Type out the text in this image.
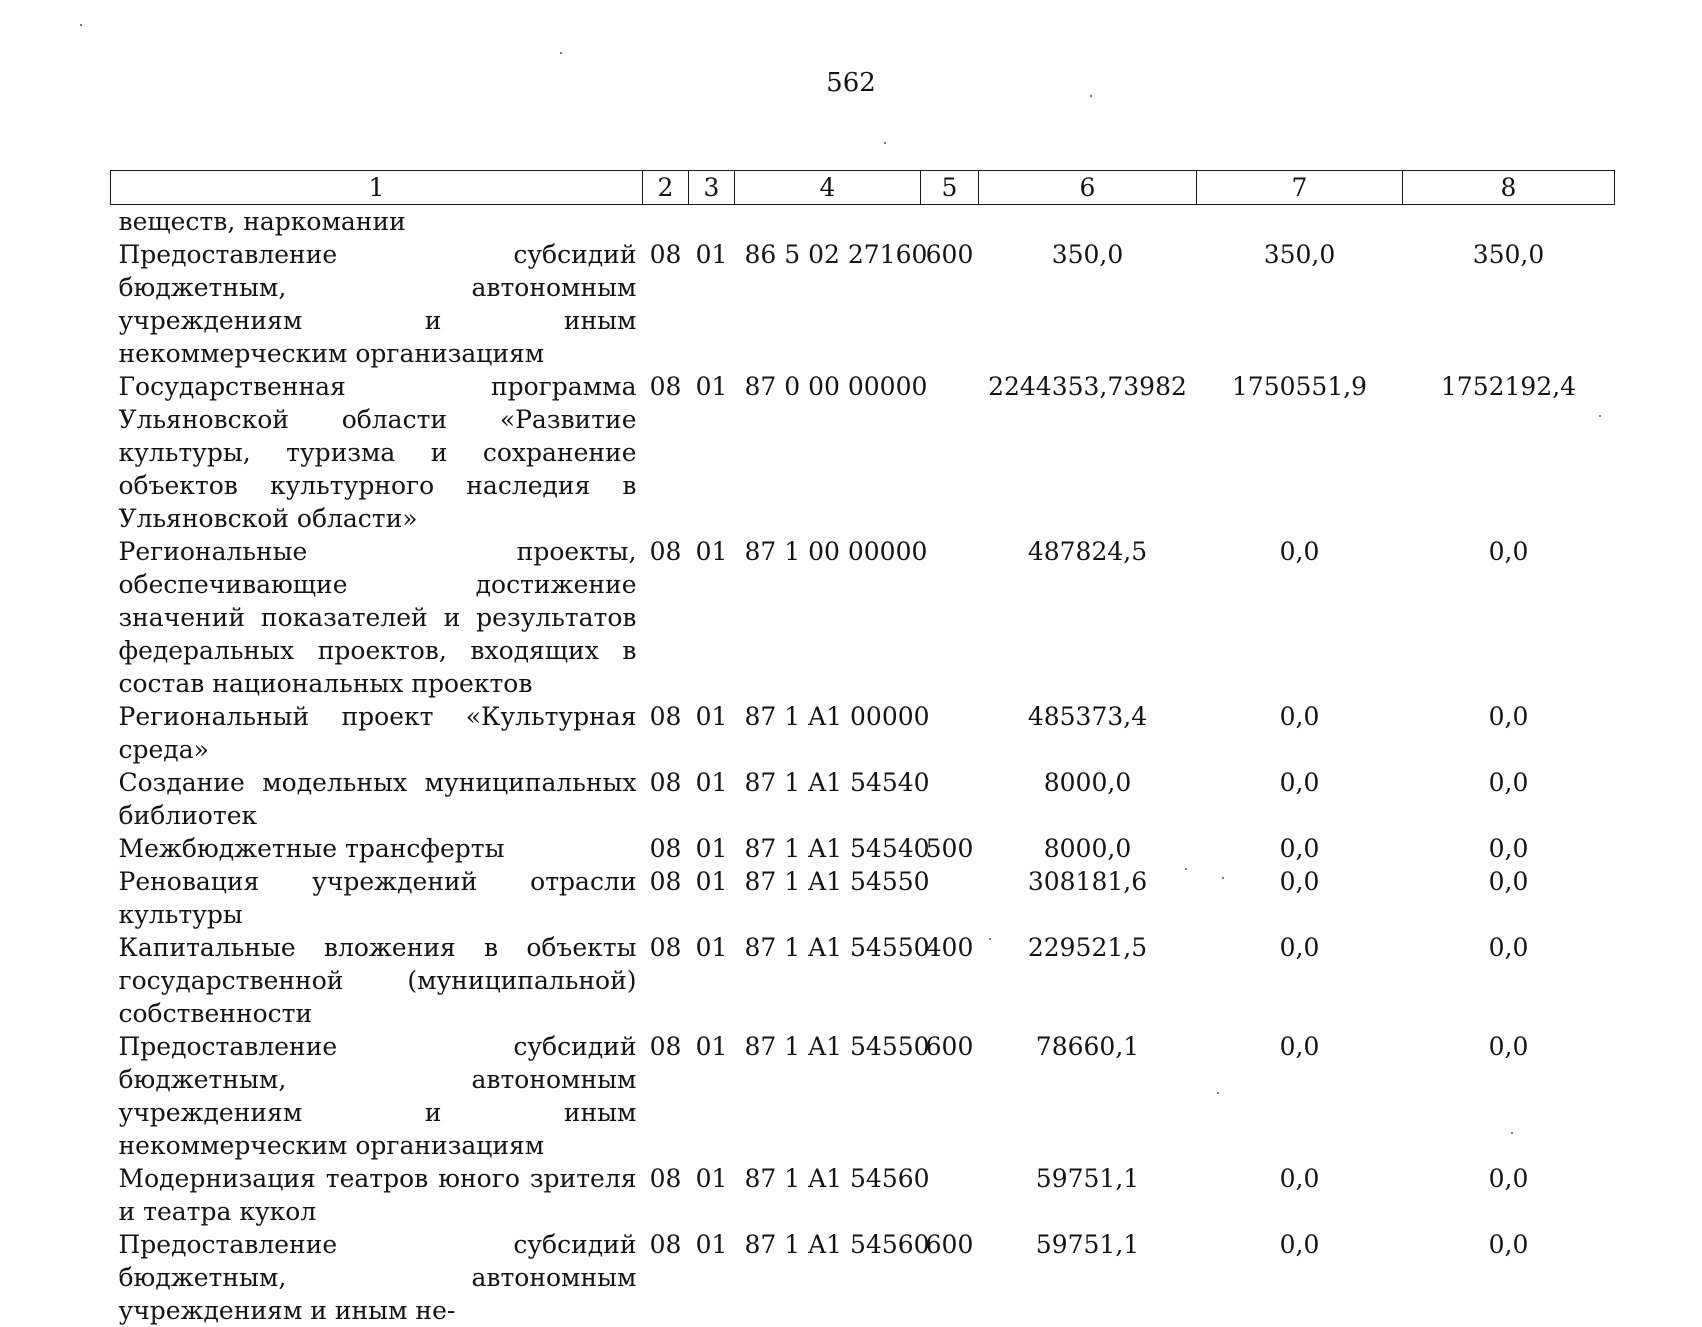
562
1	2	3	4	5	6	7	8
веществ, наркомании							
Предоставление субсидий бюджетным, автономным учреждениям и иным некоммерческим организациям	08	01	86 5 02 27160	600	350,0	350,0	350,0
Государственная программа Ульяновской области «Развитие культуры, туризма и сохранение объектов культурного наследия в Ульяновской области»	08	01	87 0 00 00000		2244353,73982	1750551,9	1752192,4
Региональные проекты, обеспечивающие достижение значений показателей и результатов федеральных проектов, входящих в состав национальных проектов	08	01	87 1 00 00000		487824,5	0,0	0,0
Региональный проект «Культурная среда»	08	01	87 1 A1 00000		485373,4	0,0	0,0
Создание модельных муниципальных библиотек	08	01	87 1 A1 54540		8000,0	0,0	0,0
Межбюджетные трансферты	08	01	87 1 A1 54540	500	8000,0	0,0	0,0
Реновация учреждений отрасли культуры	08	01	87 1 A1 54550		308181,6	0,0	0,0
Капитальные вложения в объекты государственной (муниципальной) собственности	08	01	87 1 A1 54550	400	229521,5	0,0	0,0
Предоставление субсидий бюджетным, автономным учреждениям и иным некоммерческим организациям	08	01	87 1 A1 54550	600	78660,1	0,0	0,0
Модернизация театров юного зрителя и театра кукол	08	01	87 1 A1 54560		59751,1	0,0	0,0
Предоставление субсидий бюджетным, автономным учреждениям и иным не-	08	01	87 1 A1 54560	600	59751,1	0,0	0,0
